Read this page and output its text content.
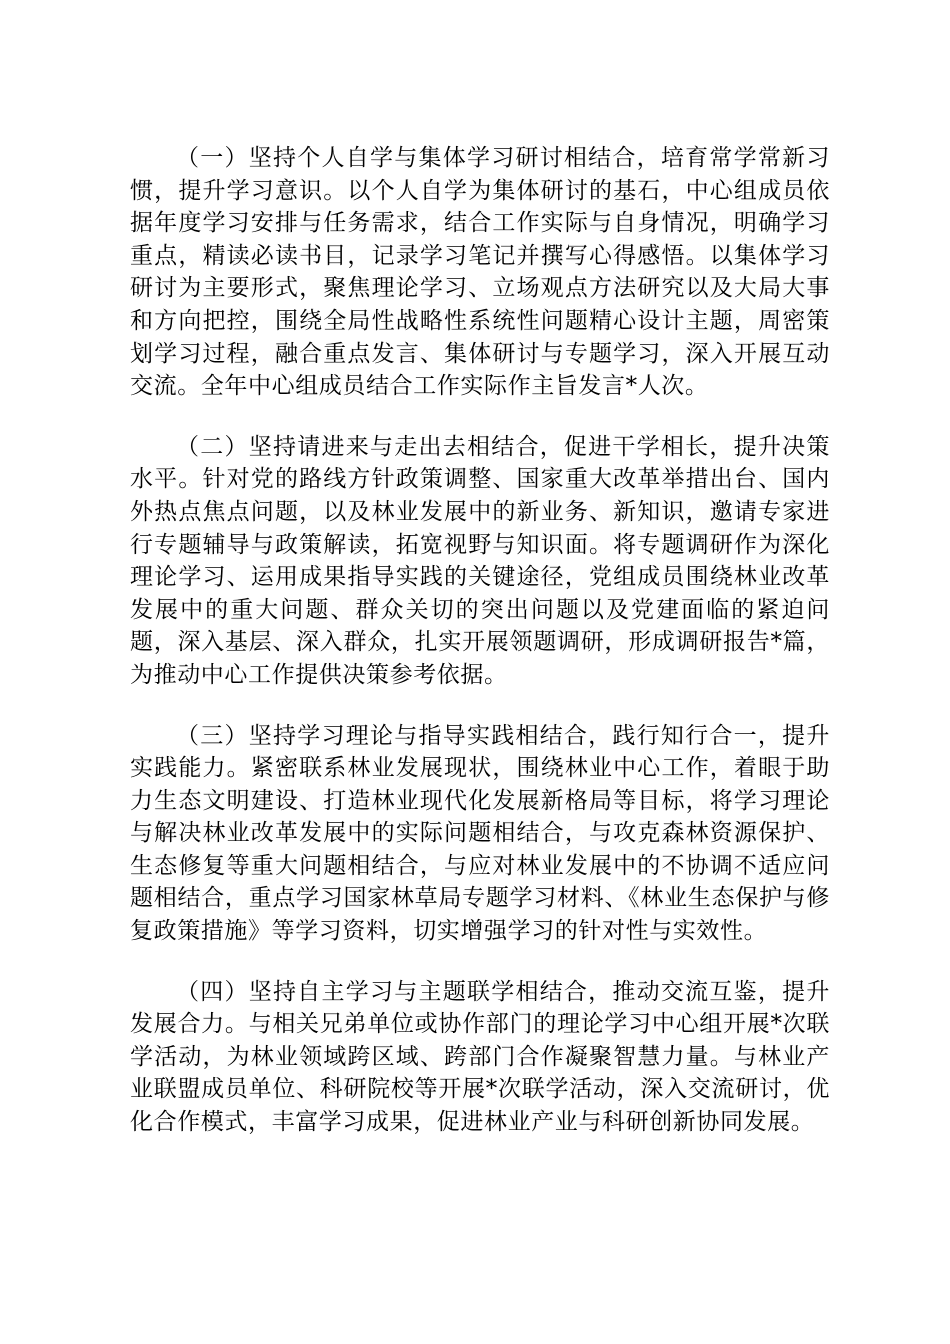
（一）坚持个人自学与集体学习研讨相结合，培育常学常新习惯，提升学习意识。以个人自学为集体研讨的基石，中心组成员依据年度学习安排与任务需求，结合工作实际与自身情况，明确学习重点，精读必读书目，记录学习笔记并撰写心得感悟。以集体学习研讨为主要形式，聚焦理论学习、立场观点方法研究以及大局大事和方向把控，围绕全局性战略性系统性问题精心设计主题，周密策划学习过程，融合重点发言、集体研讨与专题学习，深入开展互动交流。全年中心组成员结合工作实际作主旨发言*人次。

（二）坚持请进来与走出去相结合，促进干学相长，提升决策水平。针对党的路线方针政策调整、国家重大改革举措出台、国内外热点焦点问题，以及林业发展中的新业务、新知识，邀请专家进行专题辅导与政策解读，拓宽视野与知识面。将专题调研作为深化理论学习、运用成果指导实践的关键途径，党组成员围绕林业改革发展中的重大问题、群众关切的突出问题以及党建面临的紧迫问题，深入基层、深入群众，扎实开展领题调研，形成调研报告*篇，为推动中心工作提供决策参考依据。

（三）坚持学习理论与指导实践相结合，践行知行合一，提升实践能力。紧密联系林业发展现状，围绕林业中心工作，着眼于助力生态文明建设、打造林业现代化发展新格局等目标，将学习理论与解决林业改革发展中的实际问题相结合，与攻克森林资源保护、生态修复等重大问题相结合，与应对林业发展中的不协调不适应问题相结合，重点学习国家林草局专题学习材料、《林业生态保护与修复政策措施》等学习资料，切实增强学习的针对性与实效性。

（四）坚持自主学习与主题联学相结合，推动交流互鉴，提升发展合力。与相关兄弟单位或协作部门的理论学习中心组开展*次联学活动，为林业领域跨区域、跨部门合作凝聚智慧力量。与林业产业联盟成员单位、科研院校等开展*次联学活动，深入交流研讨，优化合作模式，丰富学习成果，促进林业产业与科研创新协同发展。
